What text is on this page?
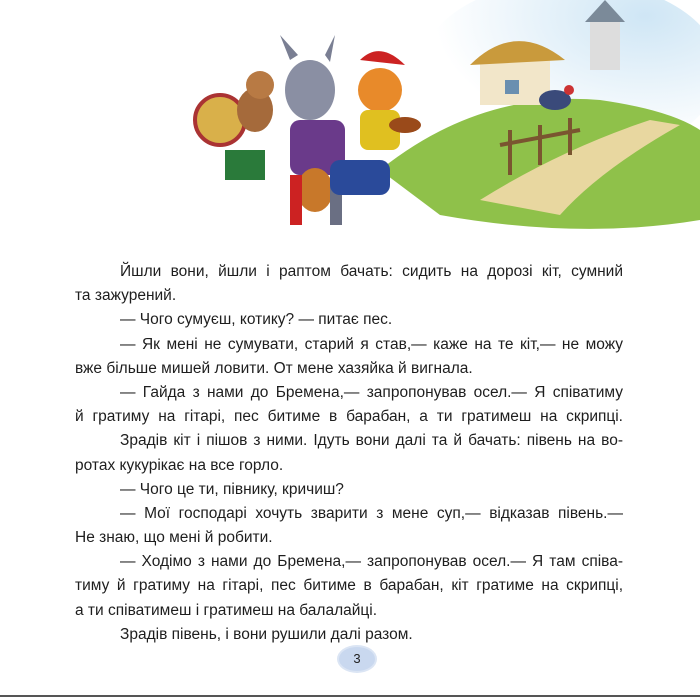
Йшли вони, йшли і раптом бачать: сидить на дорозі кіт, сумний
та зажурений.
— Чого сумуєш, котику? — питає пес.
— Як мені не сумувати, старий я став,— каже на те кіт,— не можу
вже більше мишей ловити. От мене хазяйка й вигнала.
— Гайда з нами до Бремена,— запропонував осел.— Я співатиму
й гратиму на гітарі, пес битиме в барабан, а ти гратимеш на скрипці.
Зрадів кіт і пішов з ними. Ідуть вони далі та й бачать: півень на во-
ротах кукурікає на все горло.
— Чого це ти, півнику, кричиш?
— Мої господарі хочуть зварити з мене суп,— відказав півень.—
Не знаю, що мені й робити.
— Ходімо з нами до Бремена,— запропонував осел.— Я там співа-
тиму й гратиму на гітарі, пес битиме в барабан, кіт гратиме на скрипці,
а ти співатимеш і гратимеш на балалайці.
Зрадів півень, і вони рушили далі разом.
3
